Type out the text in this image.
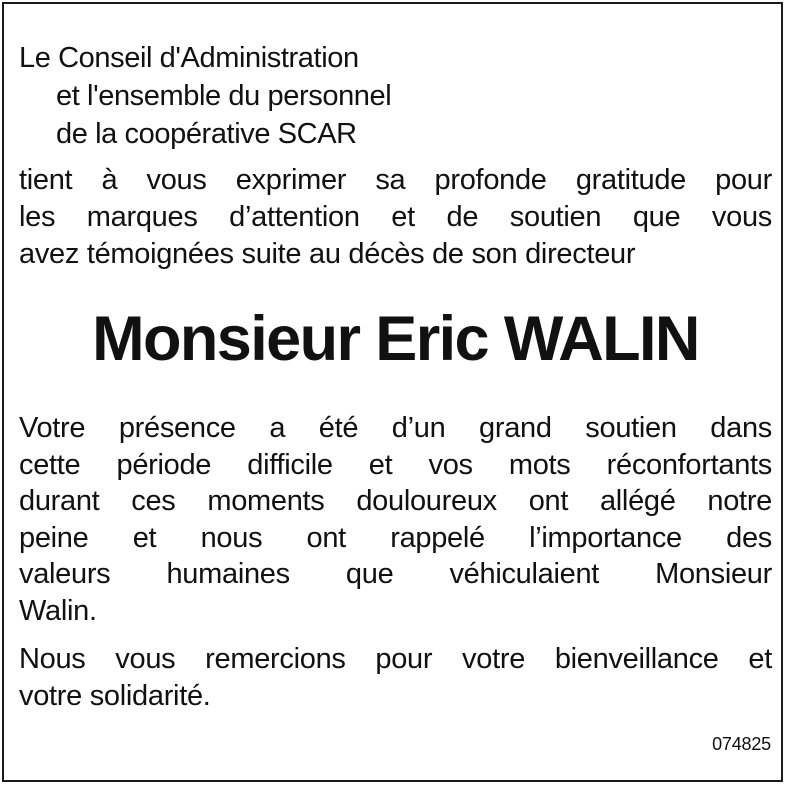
Le Conseil d'Administration
et l'ensemble du personnel
de la coopérative SCAR
tient à vous exprimer sa profonde gratitude pour
les marques d’attention et de soutien que vous
avez témoignées suite au décès de son directeur
Monsieur Eric WALIN
Votre présence a été d’un grand soutien dans
cette période difficile et vos mots réconfortants
durant ces moments douloureux ont allégé notre
peine et nous ont rappelé l’importance des
valeurs humaines que véhiculaient Monsieur
Walin.
Nous vous remercions pour votre bienveillance et
votre solidarité.
074825
